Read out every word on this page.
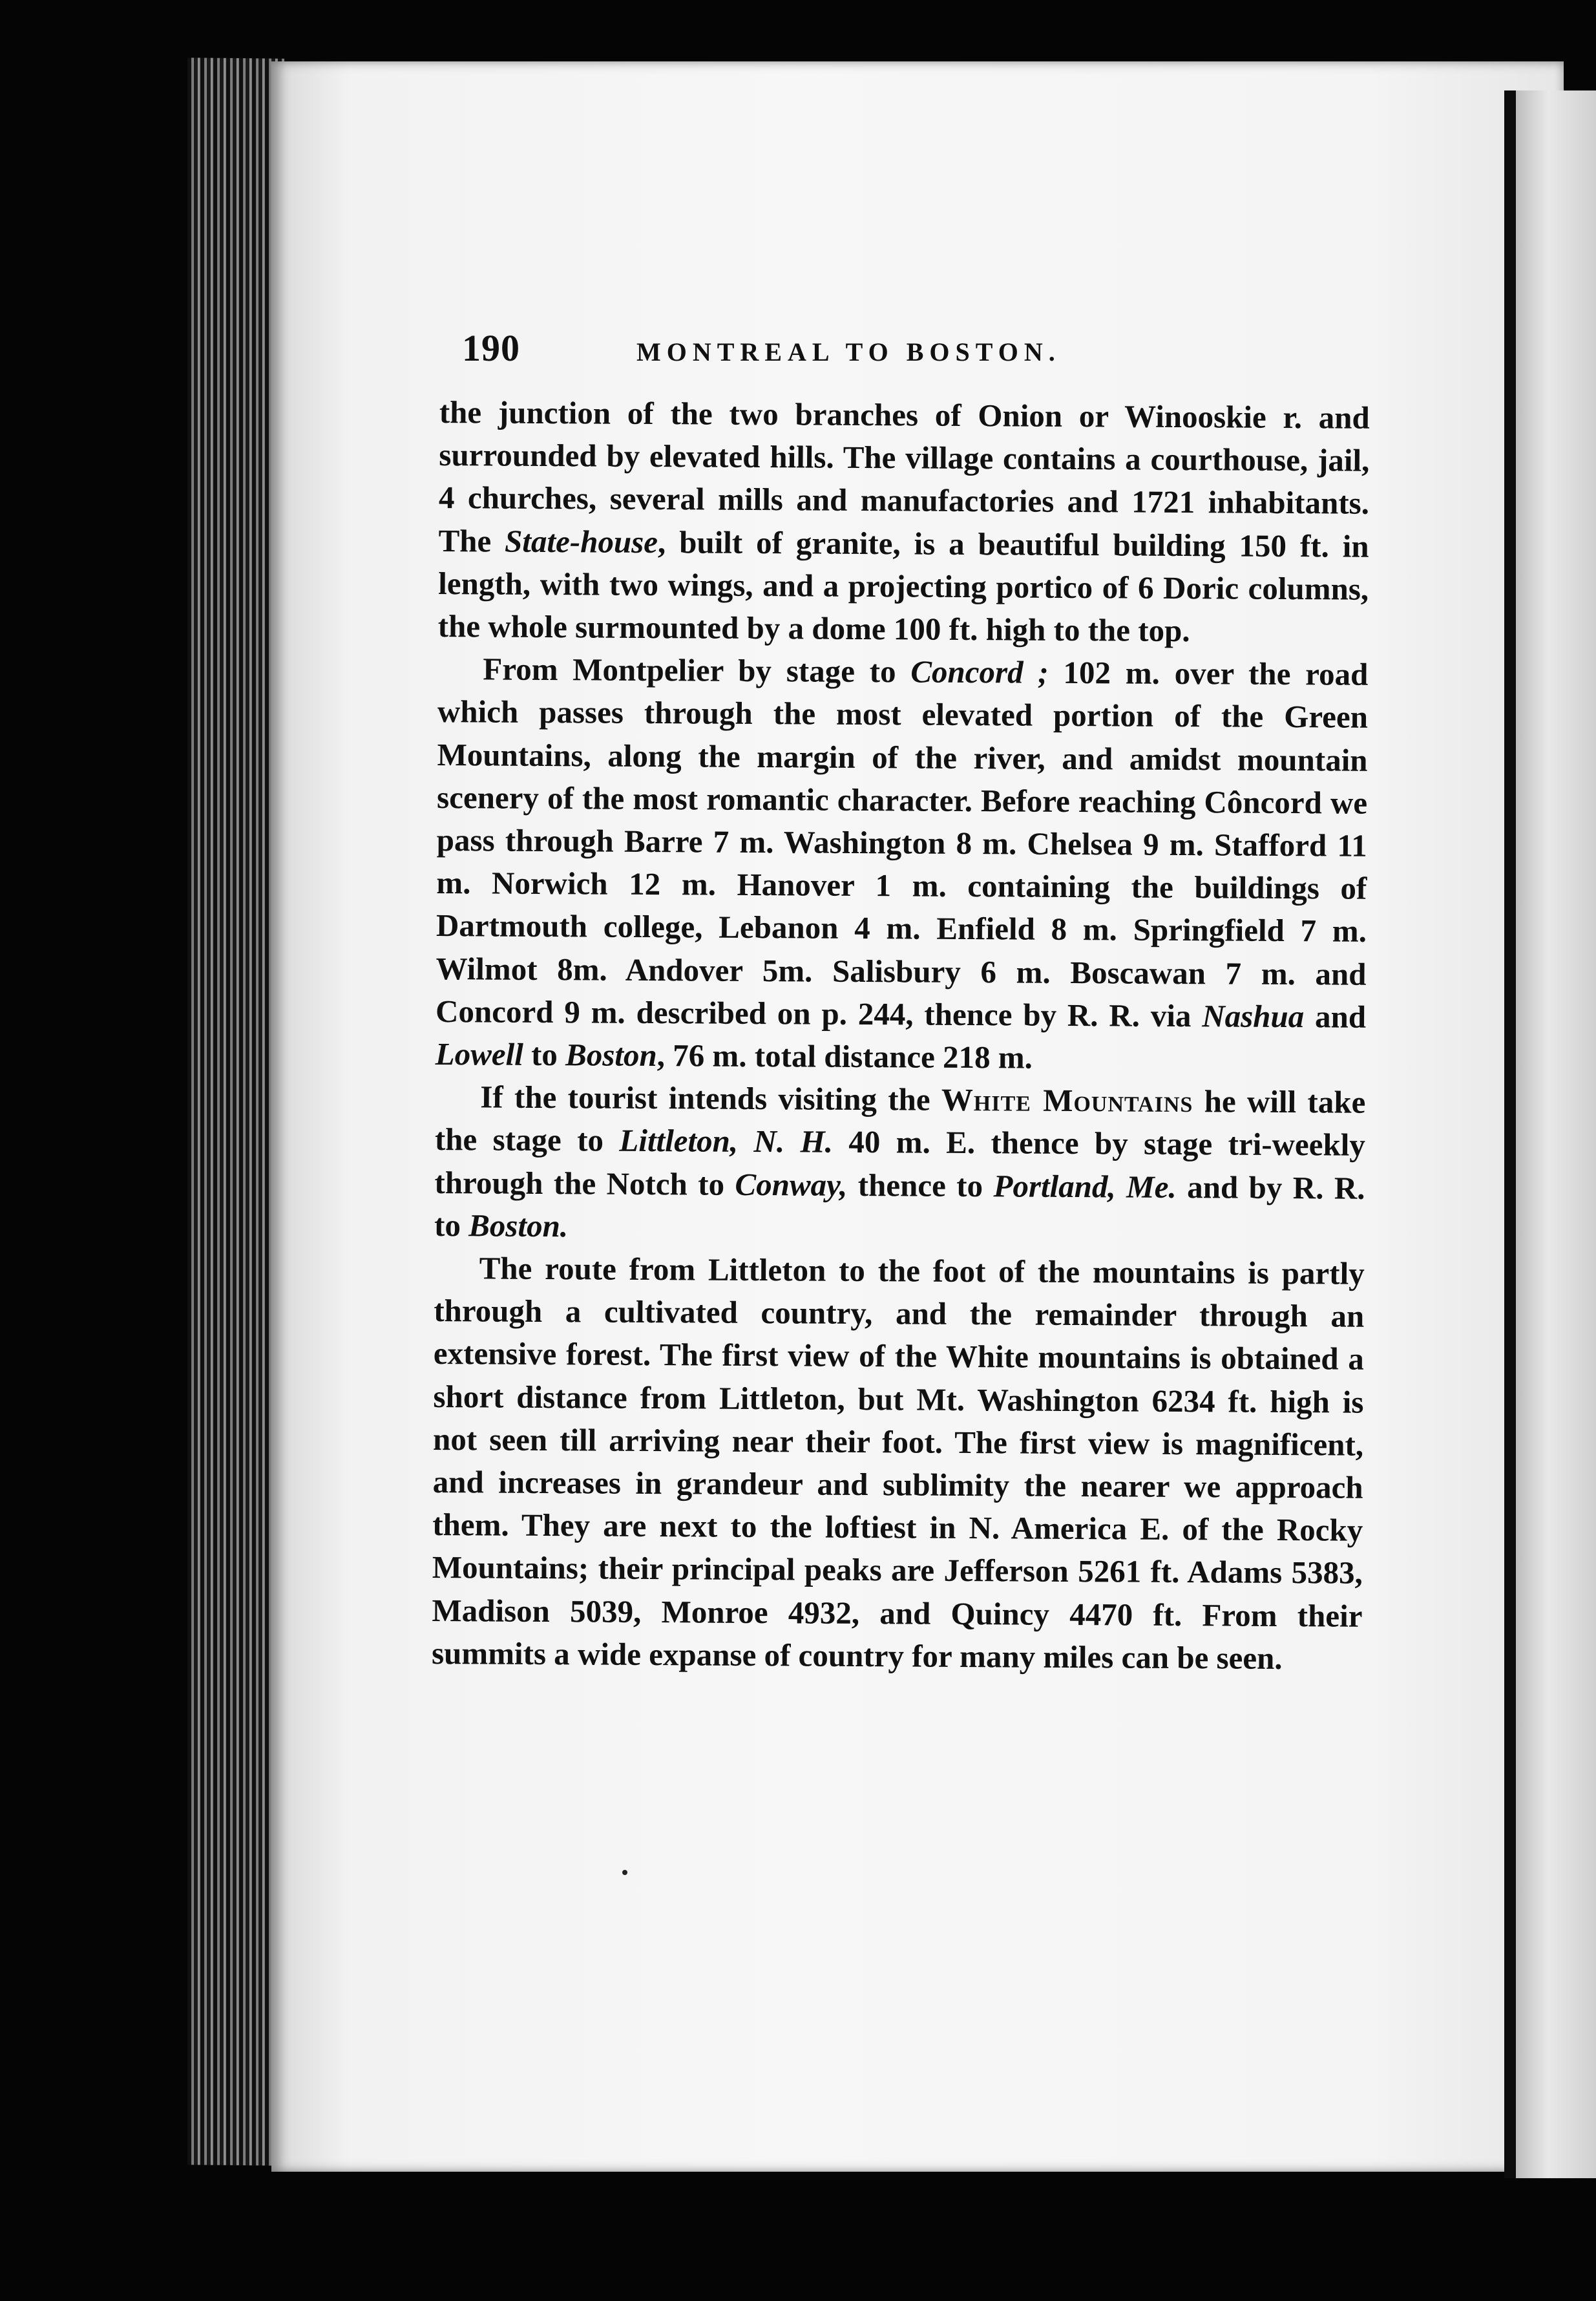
190	MONTREAL TO BOSTON.

the junction of the two branches of Onion or Winooskie r. and surrounded by elevated hills. The village contains a courthouse, jail, 4 churches, several mills and manufactories and 1721 inhabitants. The State-house, built of granite, is a beautiful building 150 ft. in length, with two wings, and a projecting portico of 6 Doric columns, the whole surmounted by a dome 100 ft. high to the top.

From Montpelier by stage to Concord ; 102 m. over the road which passes through the most elevated portion of the Green Mountains, along the margin of the river, and amidst mountain scenery of the most romantic character. Before reaching Côncord we pass through Barre 7 m. Washington 8 m. Chelsea 9 m. Stafford 11 m. Norwich 12 m. Hanover 1 m. containing the buildings of Dartmouth college, Lebanon 4 m. Enfield 8 m. Springfield 7 m. Wilmot 8m. Andover 5m. Salisbury 6 m. Boscawan 7 m. and Concord 9 m. described on p. 244, thence by R. R. via Nashua and Lowell to Boston, 76 m. total distance 218 m.

If the tourist intends visiting the White Mountains he will take the stage to Littleton, N. H. 40 m. E. thence by stage tri-weekly through the Notch to Conway, thence to Portland, Me. and by R. R. to Boston.

The route from Littleton to the foot of the mountains is partly through a cultivated country, and the remainder through an extensive forest. The first view of the White mountains is obtained a short distance from Littleton, but Mt. Washington 6234 ft. high is not seen till arriving near their foot. The first view is magnificent, and increases in grandeur and sublimity the nearer we approach them. They are next to the loftiest in N. America E. of the Rocky Mountains; their principal peaks are Jefferson 5261 ft. Adams 5383, Madison 5039, Monroe 4932, and Quincy 4470 ft. From their summits a wide expanse of country for many miles can be seen.
